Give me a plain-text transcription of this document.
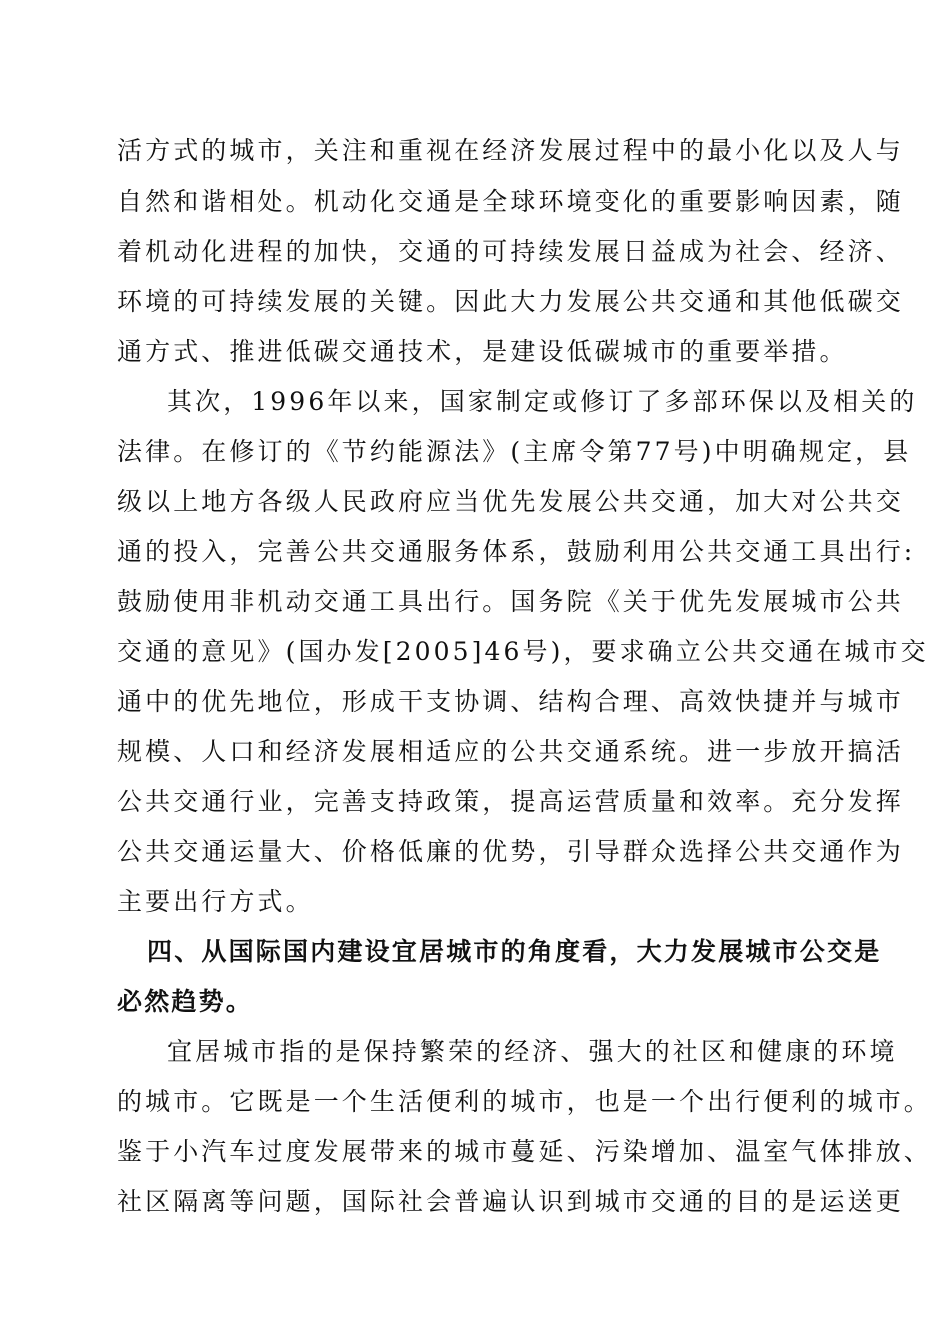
活方式的城市，关注和重视在经济发展过程中的最小化以及人与
自然和谐相处。机动化交通是全球环境变化的重要影响因素，随
着机动化进程的加快，交通的可持续发展日益成为社会、经济、
环境的可持续发展的关键。因此大力发展公共交通和其他低碳交
通方式、推进低碳交通技术，是建设低碳城市的重要举措。
其次，1996年以来，国家制定或修订了多部环保以及相关的
法律。在修订的《节约能源法》(主席令第77号)中明确规定，县
级以上地方各级人民政府应当优先发展公共交通，加大对公共交
通的投入，完善公共交通服务体系，鼓励利用公共交通工具出行:
鼓励使用非机动交通工具出行。国务院《关于优先发展城市公共
交通的意见》(国办发[2005]46号)，要求确立公共交通在城市交
通中的优先地位，形成干支协调、结构合理、高效快捷并与城市
规模、人口和经济发展相适应的公共交通系统。进一步放开搞活
公共交通行业，完善支持政策，提高运营质量和效率。充分发挥
公共交通运量大、价格低廉的优势，引导群众选择公共交通作为
主要出行方式。
四、从国际国内建设宜居城市的角度看，大力发展城市公交是
必然趋势。
宜居城市指的是保持繁荣的经济、强大的社区和健康的环境
的城市。它既是一个生活便利的城市，也是一个出行便利的城市。
鉴于小汽车过度发展带来的城市蔓延、污染增加、温室气体排放、
社区隔离等问题，国际社会普遍认识到城市交通的目的是运送更
